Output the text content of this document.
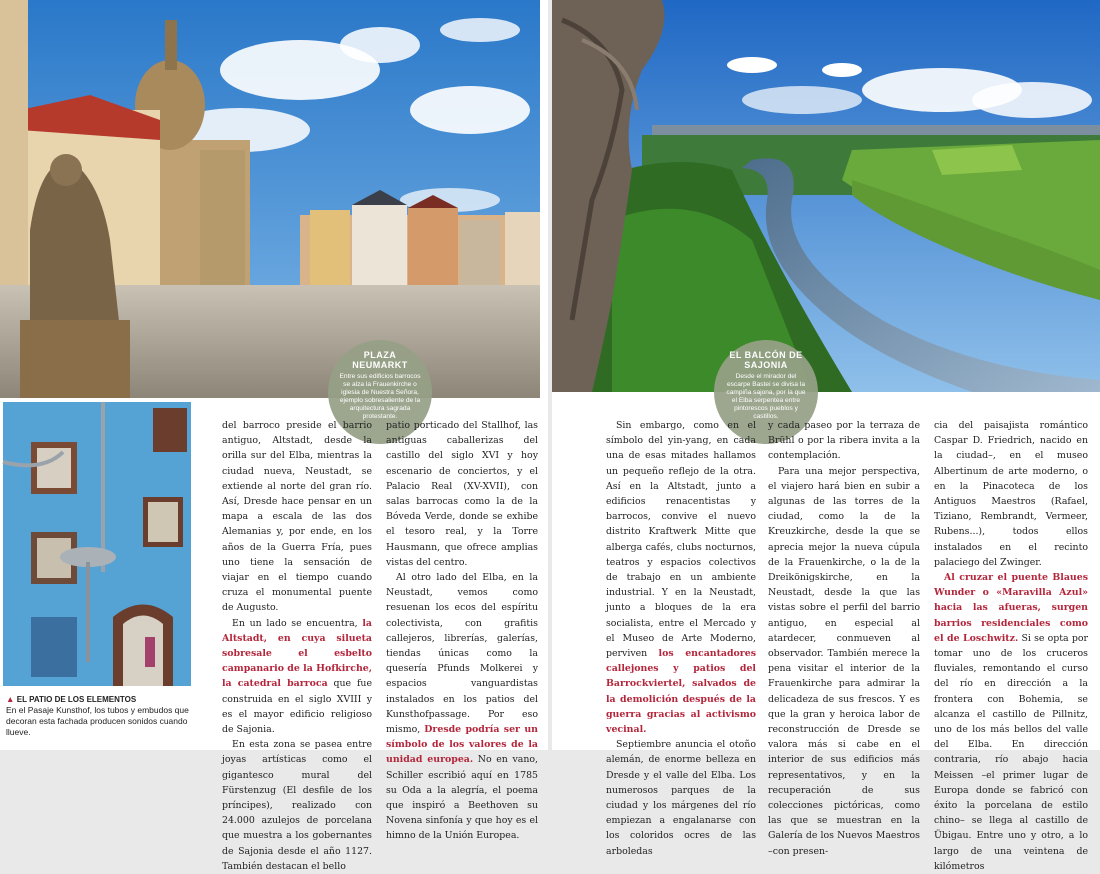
PLAZA NEUMARKT
Entre sus edificios barrocos se alza la Frauenkirche o iglesia de Nuestra Señora, ejemplo sobresaliente de la arquitectura sagrada protestante.
▲ EL PATIO DE LOS ELEMENTOS
En el Pasaje Kunsthof, los tubos y embudos que decoran esta fachada producen sonidos cuando llueve.

del barroco preside el barrio antiguo, Altstadt, desde la orilla sur del Elba, mientras la ciudad nueva, Neustadt, se extiende al norte del gran río. Así, Dresde hace pensar en un mapa a escala de las dos Alemanias y, por ende, en los años de la Guerra Fría, pues uno tiene la sensación de viajar en el tiempo cuando cruza el monumental puente de Augusto.

En un lado se encuentra, la Altstadt, en cuya silueta sobresale el esbelto campanario de la Hofkirche, la catedral barroca que fue construida en el siglo XVIII y es el mayor edificio religioso de Sajonia.

En esta zona se pasea entre joyas artísticas como el gigantesco mural del Fürstenzug (El desfile de los príncipes), realizado con 24.000 azulejos de porcelana que muestra a los gobernantes de Sajonia desde el año 1127. También destacan el bello

patio porticado del Stallhof, las antiguas caballerizas del castillo del siglo XVI y hoy escenario de conciertos, y el Palacio Real (XV-XVII), con salas barrocas como la de la Bóveda Verde, donde se exhibe el tesoro real, y la Torre Hausmann, que ofrece amplias vistas del centro.

Al otro lado del Elba, en la Neustadt, vemos como resuenan los ecos del espíritu colectivista, con grafitis callejeros, librerías, galerías, tiendas únicas como la quesería Pfunds Molkerei y espacios vanguardistas instalados en los patios del Kunsthofpassage. Por eso mismo, Dresde podría ser un símbolo de los valores de la unidad europea. No en vano, Schiller escribió aquí en 1785 su Oda a la alegría, el poema que inspiró a Beethoven su Novena sinfonía y que hoy es el himno de la Unión Europea.

EL BALCÓN DE SAJONIA
Desde el mirador del escarpe Bastei se divisa la campiña sajona, por la que el Elba serpentea entre pintorescos pueblos y castillos.

Sin embargo, como en el símbolo del yin-yang, en cada una de esas mitades hallamos un pequeño reflejo de la otra. Así en la Altstadt, junto a edificios renacentistas y barrocos, convive el nuevo distrito Kraftwerk Mitte que alberga cafés, clubs nocturnos, teatros y espacios colectivos de trabajo en un ambiente industrial. Y en la Neustadt, junto a bloques de la era socialista, entre el Mercado y el Museo de Arte Moderno, perviven los encantadores callejones y patios del Barrockviertel, salvados de la demolición después de la guerra gracias al activismo vecinal.

Septiembre anuncia el otoño alemán, de enorme belleza en Dresde y el valle del Elba. Los numerosos parques de la ciudad y los márgenes del río empiezan a engalanarse con los coloridos ocres de las arboledas

y cada paseo por la terraza de Brühl o por la ribera invita a la contemplación.

Para una mejor perspectiva, el viajero hará bien en subir a algunas de las torres de la ciudad, como la de la Kreuzkirche, desde la que se aprecia mejor la nueva cúpula de la Frauenkirche, o la de la Dreikönigskirche, en la Neustadt, desde la que las vistas sobre el perfil del barrio antiguo, en especial al atardecer, conmueven al observador. También merece la pena visitar el interior de la Frauenkirche para admirar la delicadeza de sus frescos. Y es que la gran y heroica labor de reconstrucción de Dresde se valora más si cabe en el interior de sus edificios más representativos, y en la recuperación de sus colecciones pictóricas, como las que se muestran en la Galería de los Nuevos Maestros –con presen-

cia del paisajista romántico Caspar D. Friedrich, nacido en la ciudad–, en el museo Albertinum de arte moderno, o en la Pinacoteca de los Antiguos Maestros (Rafael, Tiziano, Rembrandt, Vermeer, Rubens...), todos ellos instalados en el recinto palaciego del Zwinger.

Al cruzar el puente Blaues Wunder o «Maravilla Azul» hacia las afueras, surgen barrios residenciales como el de Loschwitz. Si se opta por tomar uno de los cruceros fluviales, remontando el curso del río en dirección a la frontera con Bohemia, se alcanza el castillo de Pillnitz, uno de los más bellos del valle del Elba. En dirección contraria, río abajo hacia Meissen –el primer lugar de Europa donde se fabricó con éxito la porcelana de estilo chino– se llega al castillo de Übigau. Entre uno y otro, a lo largo de una veintena de kilómetros
